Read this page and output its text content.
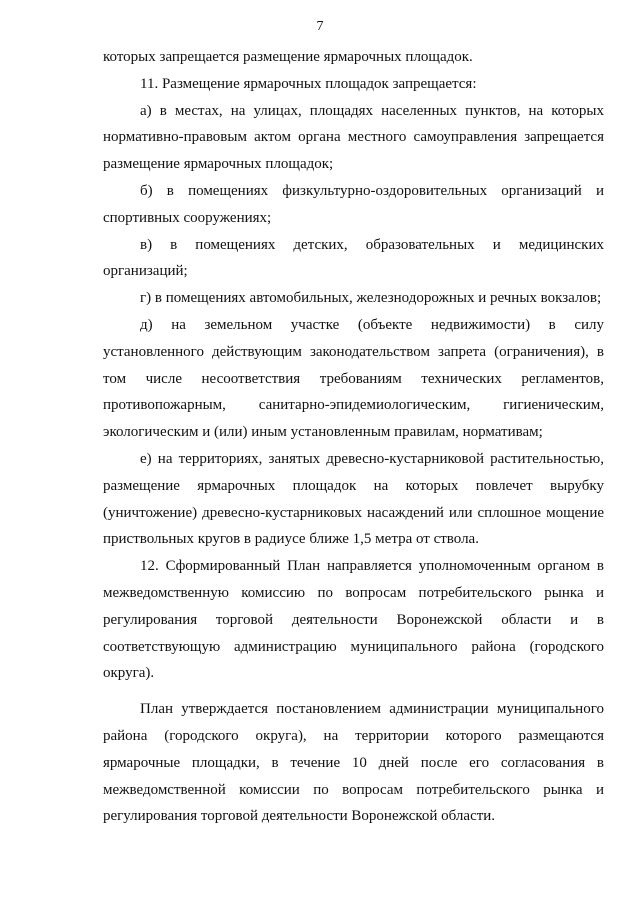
7

которых запрещается размещение ярмарочных площадок.

11. Размещение ярмарочных площадок запрещается:

а) в местах, на улицах, площадях населенных пунктов, на которых нормативно-правовым актом органа местного самоуправления запрещается размещение ярмарочных площадок;

б) в помещениях физкультурно-оздоровительных организаций и спортивных сооружениях;

в) в помещениях детских, образовательных и медицинских организаций;

г) в помещениях автомобильных, железнодорожных и речных вокзалов;

д) на земельном участке (объекте недвижимости) в силу установленного действующим законодательством запрета (ограничения), в том числе несоответствия требованиям технических регламентов, противопожарным, санитарно-эпидемиологическим, гигиеническим, экологическим и (или) иным установленным правилам, нормативам;

е) на территориях, занятых древесно-кустарниковой растительностью, размещение ярмарочных площадок на которых повлечет вырубку (уничтожение) древесно-кустарниковых насаждений или сплошное мощение приствольных кругов в радиусе ближе 1,5 метра от ствола.

12. Сформированный План направляется уполномоченным органом в межведомственную комиссию по вопросам потребительского рынка и регулирования торговой деятельности Воронежской области и в соответствующую администрацию муниципального района (городского округа).

План утверждается постановлением администрации муниципального района (городского округа), на территории которого размещаются ярмарочные площадки, в течение 10 дней после его согласования в межведомственной комиссии по вопросам потребительского рынка и регулирования торговой деятельности Воронежской области.
